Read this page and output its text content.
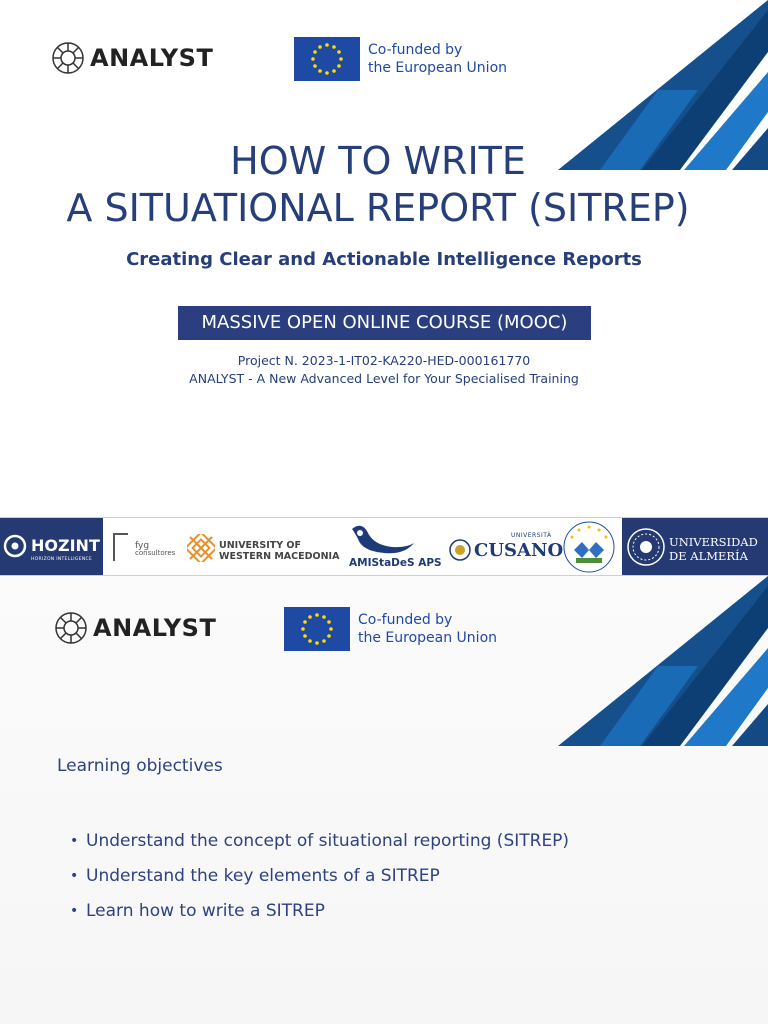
ANALYST	Co-funded by
the European Union
HOW TO WRITE
A SITUATIONAL REPORT (SITREP)
Creating Clear and Actionable Intelligence Reports
MASSIVE OPEN ONLINE COURSE (MOOC)
Project N. 2023-1-IT02-KA220-HED-000161770
ANALYST - A New Advanced Level for Your Specialised Training
HOZINT
HORIZON INTELLIGENCE
fyg
consultores
UNIVERSITY OF
WESTERN MACEDONIA
AMIStaDeS APS
UNIVERSITÀ
CUSANO	UNIVERSIDAD
DE ALMERÍA
ANALYST	Co-funded by
the European Union
Learning objectives
• Understand the concept of situational reporting (SITREP)
• Understand the key elements of a SITREP
• Learn how to write a SITREP
